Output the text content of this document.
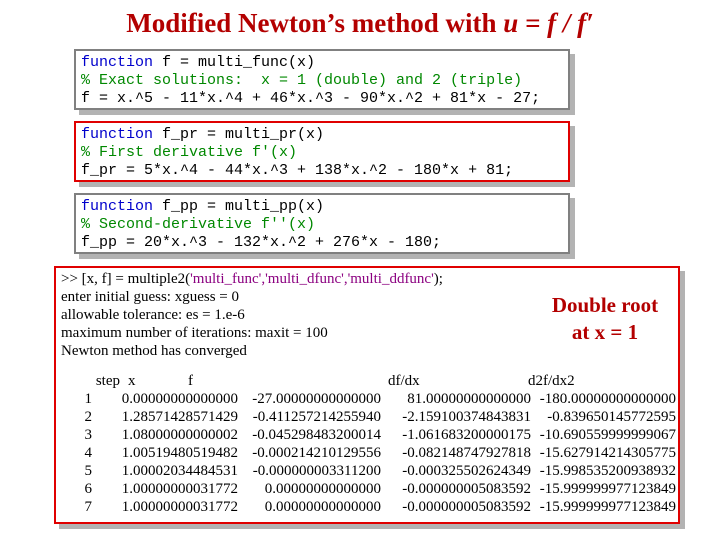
Modified Newton’s method with u = f / f′
function f = multi_func(x)
% Exact solutions:  x = 1 (double) and 2 (triple)
f = x.^5 - 11*x.^4 + 46*x.^3 - 90*x.^2 + 81*x - 27;
function f_pr = multi_pr(x)
% First derivative f'(x)
f_pr = 5*x.^4 - 44*x.^3 + 138*x.^2 - 180*x + 81;
function f_pp = multi_pp(x)
% Second-derivative f''(x)
f_pp = 20*x.^3 - 132*x.^2 + 276*x - 180;
>> [x, f] = multiple2('multi_func','multi_dfunc','multi_ddfunc');
enter initial guess: xguess = 0
allowable tolerance: es = 1.e-6
maximum number of iterations: maxit = 100
Newton method has converged
Double root
at x = 1
step	x	f	df/dx	d2f/dx2
1	0.00000000000000	-27.00000000000000	81.00000000000000	-180.00000000000000
2	1.28571428571429	-0.411257214255940	-2.159100374843831	-0.839650145772595
3	1.08000000000002	-0.045298483200014	-1.061683200000175	-10.690559999999067
4	1.00519480519482	-0.000214210129556	-0.082148747927818	-15.627914214305775
5	1.00002034484531	-0.000000003311200	-0.000325502624349	-15.998535200938932
6	1.00000000031772	0.00000000000000	-0.000000005083592	-15.999999977123849
7	1.00000000031772	0.00000000000000	-0.000000005083592	-15.999999977123849
